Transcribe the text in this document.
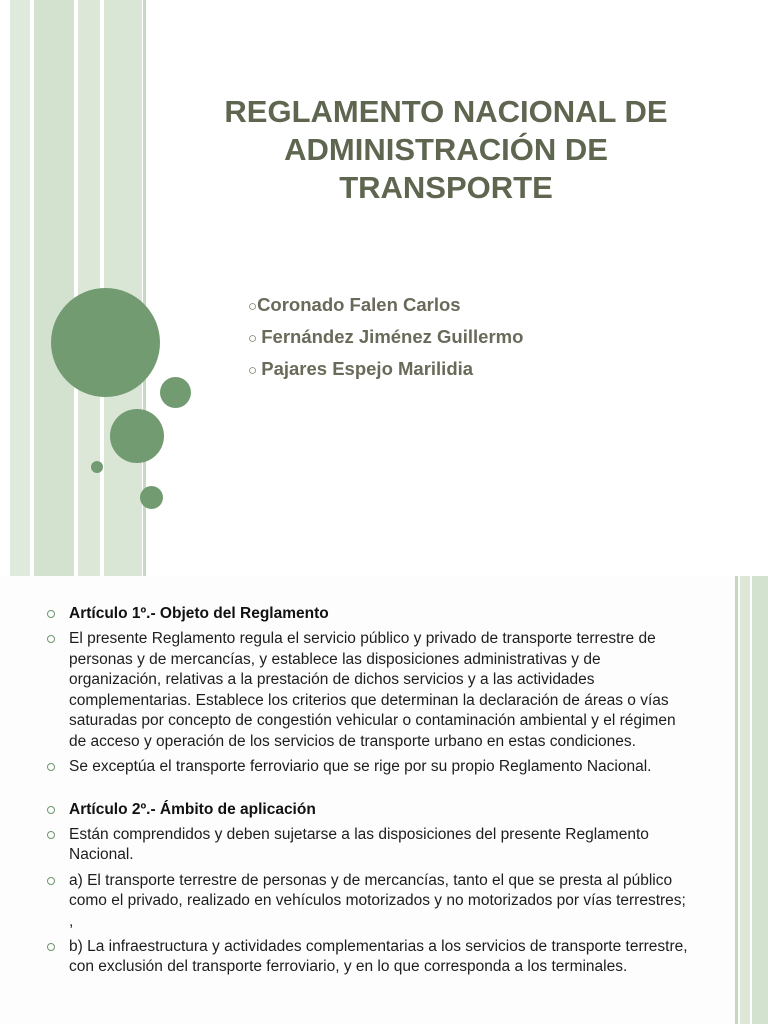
REGLAMENTO NACIONAL DE
ADMINISTRACIÓN DE
TRANSPORTE
○Coronado Falen Carlos
○ Fernández Jiménez Guillermo
○ Pajares Espejo Marilidia
Artículo 1º.- Objeto del Reglamento
El presente Reglamento regula el servicio público y privado de transporte terrestre de personas y de mercancías, y establece las disposiciones administrativas y de organización, relativas a la prestación de dichos servicios y a las actividades complementarias. Establece los criterios que determinan la declaración de áreas o vías saturadas por concepto de congestión vehicular o contaminación ambiental y el régimen de acceso y operación de los servicios de transporte urbano en estas condiciones.
Se exceptúa el transporte ferroviario que se rige por su propio Reglamento Nacional.
Artículo 2º.- Ámbito de aplicación
Están comprendidos y deben sujetarse a las disposiciones del presente Reglamento Nacional.
a) El transporte terrestre de personas y de mercancías, tanto el que se presta al público como el privado, realizado en vehículos motorizados y no motorizados por vías terrestres; ,
b) La infraestructura y actividades complementarias a los servicios de transporte terrestre, con exclusión del transporte ferroviario, y en lo que corresponda a los terminales.
